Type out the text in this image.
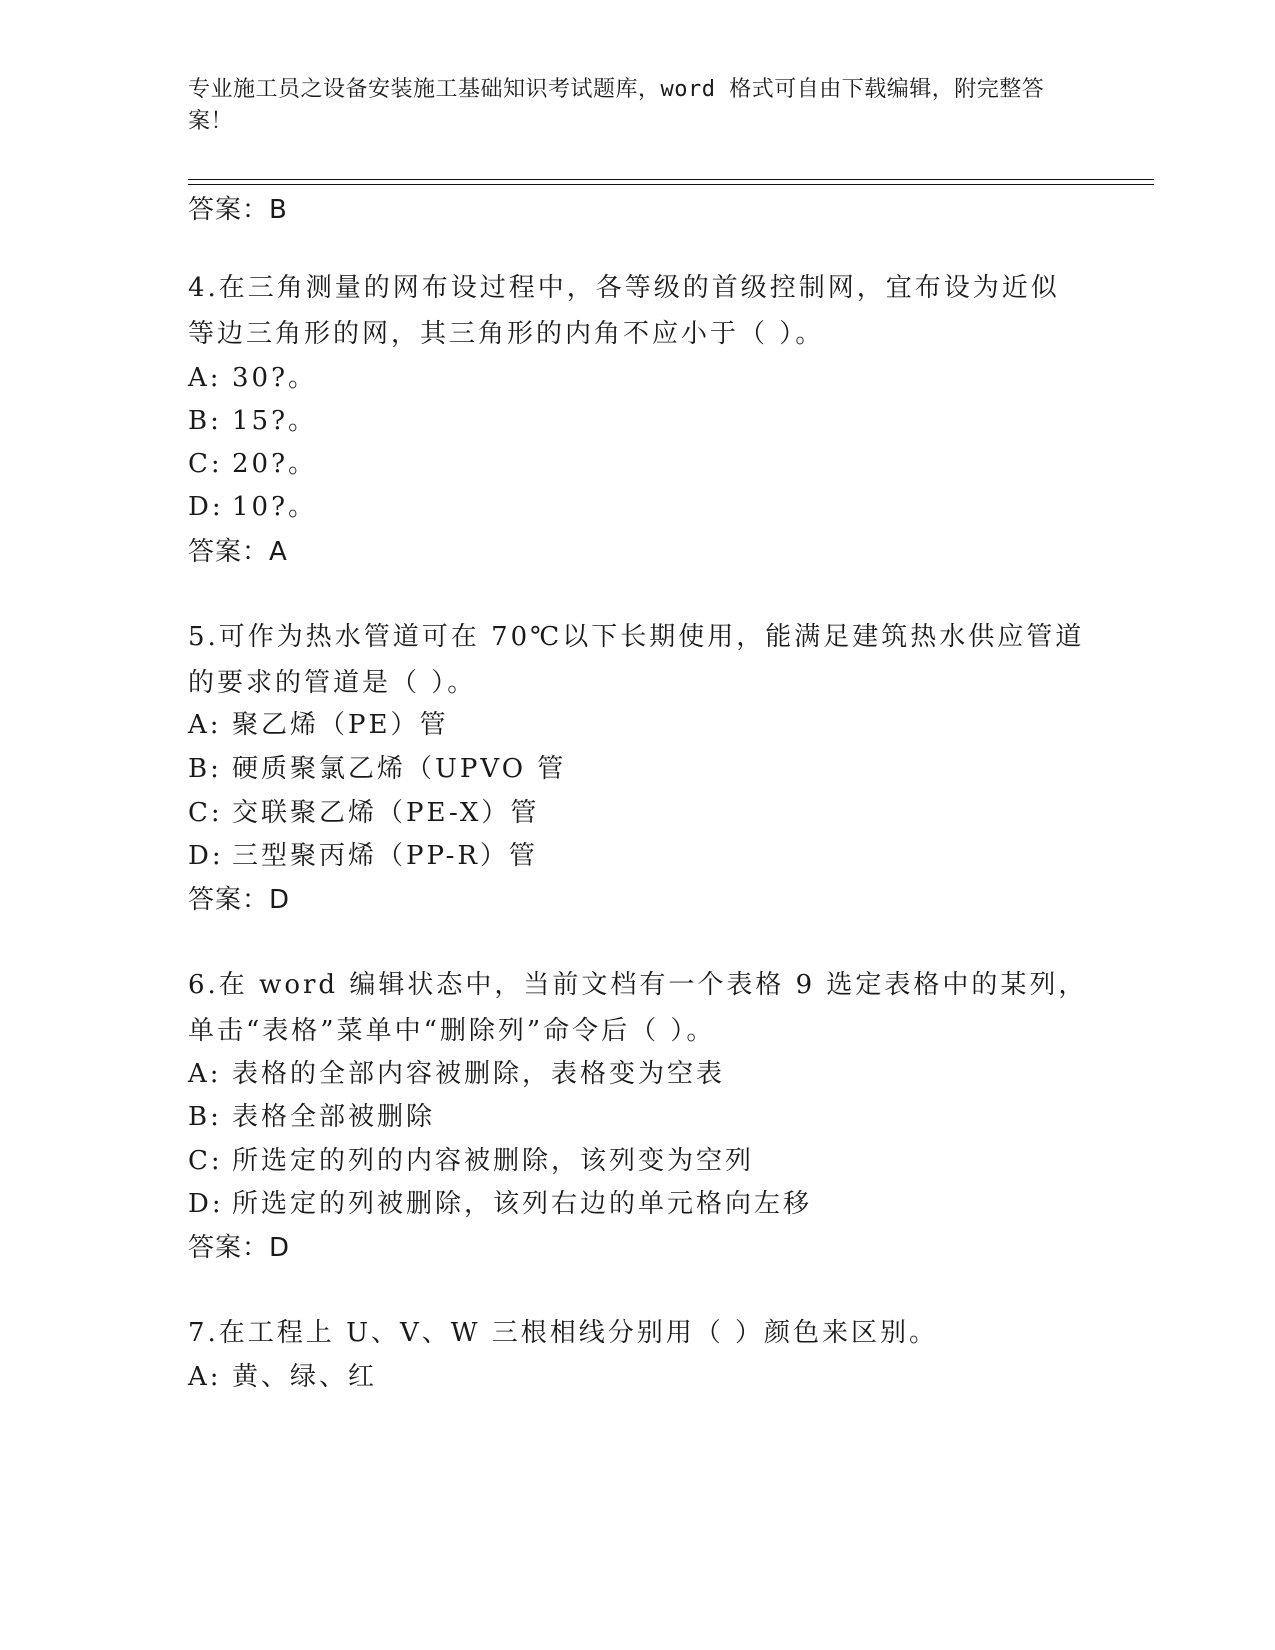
专业施工员之设备安装施工基础知识考试题库，word 格式可自由下载编辑，附完整答案！
答案：B
4.在三角测量的网布设过程中，各等级的首级控制网，宜布设为近似等边三角形的网，其三角形的内角不应小于（ ）。
A: 30?。
B: 15?。
C: 20?。
D: 10?。
答案：A
5.可作为热水管道可在 70℃以下长期使用，能满足建筑热水供应管道的要求的管道是（ ）。
A: 聚乙烯（PE）管
B: 硬质聚氯乙烯（UPVO 管
C: 交联聚乙烯（PE-X）管
D: 三型聚丙烯（PP-R）管
答案：D
6.在 word 编辑状态中，当前文档有一个表格 9 选定表格中的某列，单击“表格”菜单中“删除列”命令后（ ）。
A: 表格的全部内容被删除，表格变为空表
B: 表格全部被删除
C: 所选定的列的内容被删除，该列变为空列
D: 所选定的列被删除，该列右边的单元格向左移
答案：D
7.在工程上 U、V、W 三根相线分别用（ ）颜色来区别。
A: 黄、绿、红
